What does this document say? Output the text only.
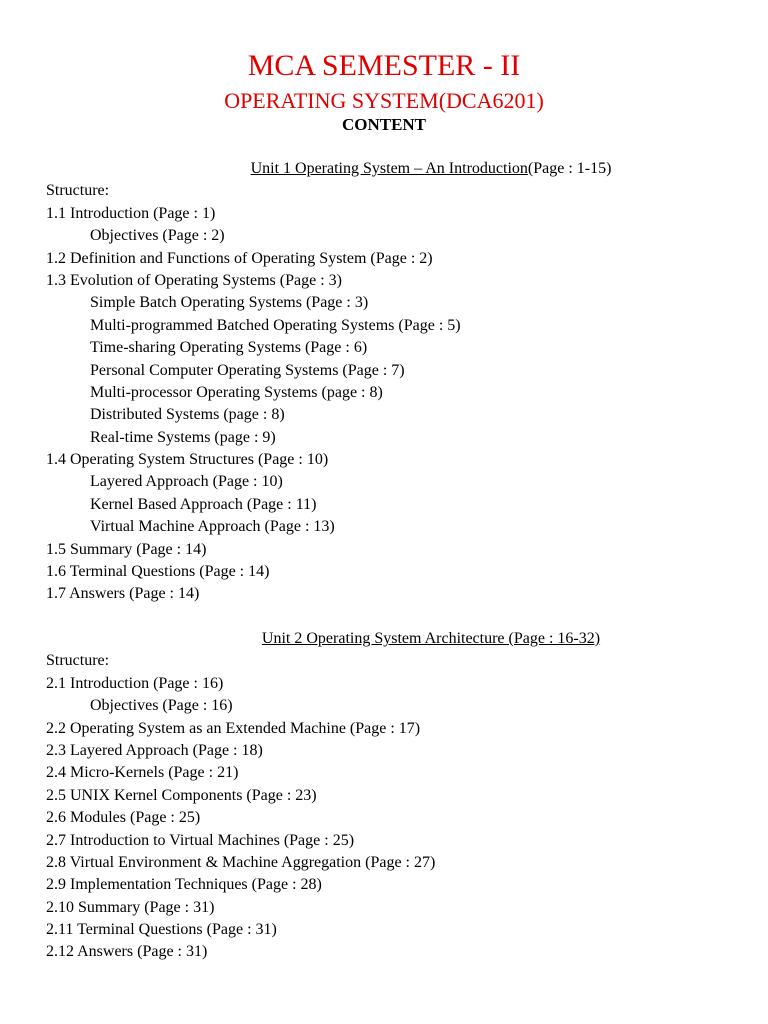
MCA SEMESTER - II
OPERATING SYSTEM(DCA6201)
CONTENT
Unit 1 Operating System – An Introduction(Page : 1-15)
Structure:
1.1 Introduction (Page : 1)
Objectives (Page : 2)
1.2 Definition and Functions of Operating System (Page : 2)
1.3 Evolution of Operating Systems (Page : 3)
Simple Batch Operating Systems (Page : 3)
Multi-programmed Batched Operating Systems (Page : 5)
Time-sharing Operating Systems (Page : 6)
Personal Computer Operating Systems (Page : 7)
Multi-processor Operating Systems (page : 8)
Distributed Systems (page : 8)
Real-time Systems (page : 9)
1.4 Operating System Structures (Page : 10)
Layered Approach (Page : 10)
Kernel Based Approach (Page : 11)
Virtual Machine Approach (Page : 13)
1.5 Summary (Page : 14)
1.6 Terminal Questions (Page : 14)
1.7 Answers (Page : 14)
Unit 2 Operating System Architecture (Page : 16-32)
Structure:
2.1 Introduction (Page : 16)
Objectives (Page : 16)
2.2 Operating System as an Extended Machine (Page : 17)
2.3 Layered Approach (Page : 18)
2.4 Micro-Kernels (Page : 21)
2.5 UNIX Kernel Components (Page : 23)
2.6 Modules (Page : 25)
2.7 Introduction to Virtual Machines (Page : 25)
2.8 Virtual Environment & Machine Aggregation (Page : 27)
2.9 Implementation Techniques (Page : 28)
2.10 Summary (Page : 31)
2.11 Terminal Questions (Page : 31)
2.12 Answers (Page : 31)
